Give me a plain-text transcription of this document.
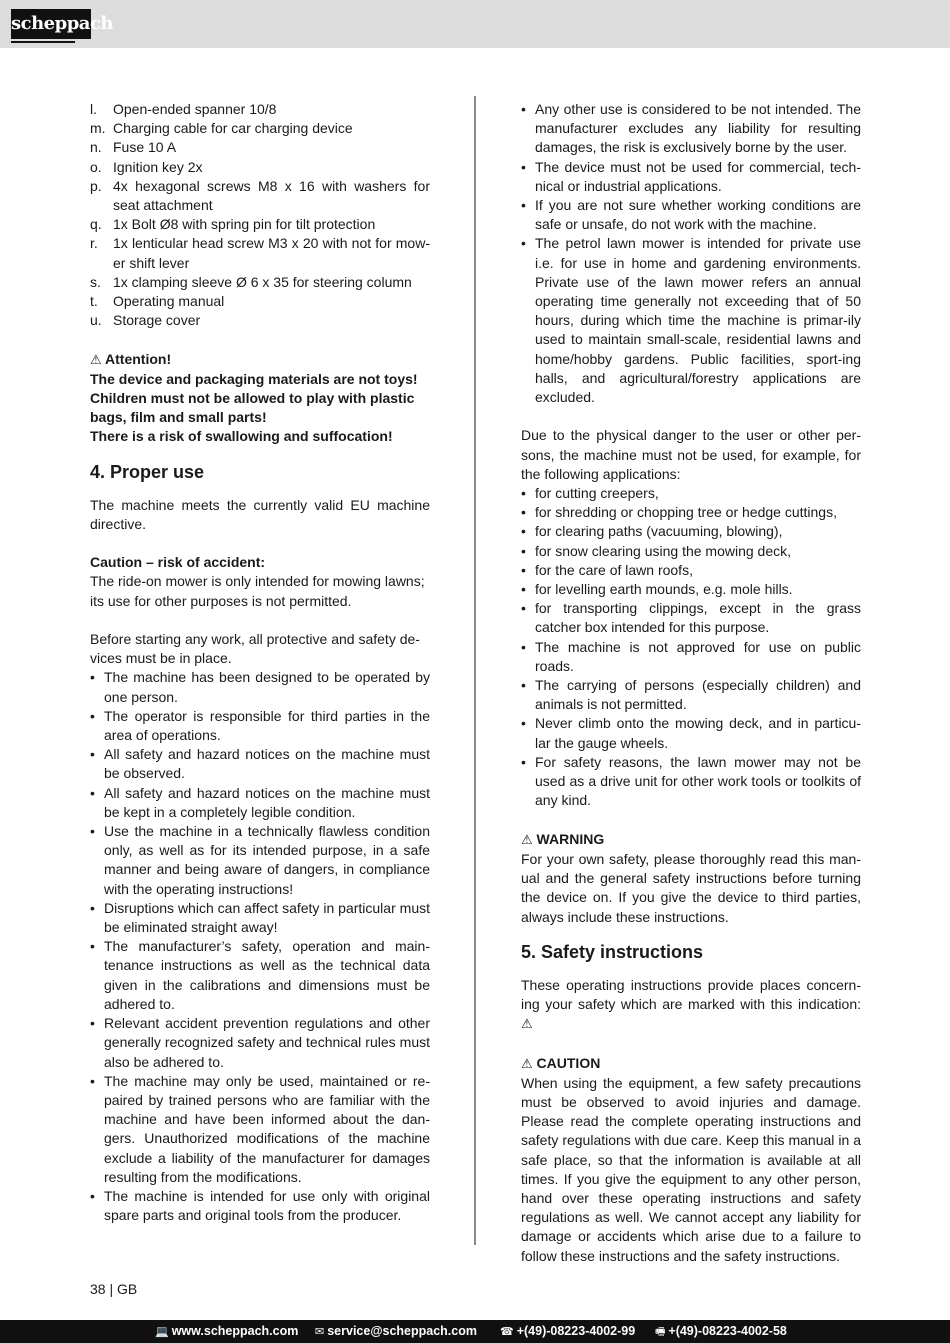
scheppach
l.	Open-ended spanner 10/8
m. Charging cable for car charging device
n. Fuse 10 A
o. Ignition key 2x
p. 4x hexagonal screws M8 x 16 with washers for seat attachment
q. 1x Bolt Ø8 with spring pin for tilt protection
r.	1x lenticular head screw M3 x 20 with not for mow-er shift lever
s. 1x clamping sleeve Ø 6 x 35 for steering column
t.	Operating manual
u. Storage cover

⚠ Attention!

The device and packaging materials are not toys! Children must not be allowed to play with plastic bags, film and small parts!

There is a risk of swallowing and suffocation!

4. Proper use

The machine meets the currently valid EU machine directive.

Caution – risk of accident:

The ride-on mower is only intended for mowing lawns; its use for other purposes is not permitted.

Before starting any work, all protective and safety de-vices must be in place.

• The machine has been designed to be operated by one person.
• The operator is responsible for third parties in the area of operations.
• All safety and hazard notices on the machine must be observed.
• All safety and hazard notices on the machine must be kept in a completely legible condition.
• Use the machine in a technically flawless condition only, as well as for its intended purpose, in a safe manner and being aware of dangers, in compliance with the operating instructions!
• Disruptions which can affect safety in particular must be eliminated straight away!
• The manufacturer’s safety, operation and main-tenance instructions as well as the technical data given in the calibrations and dimensions must be adhered to.
• Relevant accident prevention regulations and other generally recognized safety and technical rules must also be adhered to.
• The machine may only be used, maintained or re-paired by trained persons who are familiar with the machine and have been informed about the dan-gers. Unauthorized modifications of the machine exclude a liability of the manufacturer for damages resulting from the modifications.
• The machine is intended for use only with original spare parts and original tools from the producer.
• Any other use is considered to be not intended. The manufacturer excludes any liability for resulting damages, the risk is exclusively borne by the user.
• The device must not be used for commercial, tech-nical or industrial applications.
• If you are not sure whether working conditions are safe or unsafe, do not work with the machine.
• The petrol lawn mower is intended for private use i.e. for use in home and gardening environments. Private use of the lawn mower refers an annual operating time generally not exceeding that of 50 hours, during which time the machine is primar-ily used to maintain small-scale, residential lawns and home/hobby gardens. Public facilities, sport-ing halls, and agricultural/forestry applications are excluded.

Due to the physical danger to the user or other per-sons, the machine must not be used, for example, for the following applications:

• for cutting creepers,
• for shredding or chopping tree or hedge cuttings,
• for clearing paths (vacuuming, blowing),
• for snow clearing using the mowing deck,
• for the care of lawn roofs,
• for levelling earth mounds, e.g. mole hills.
• for transporting clippings, except in the grass catcher box intended for this purpose.
• The machine is not approved for use on public roads.
• The carrying of persons (especially children) and animals is not permitted.
• Never climb onto the mowing deck, and in particu-lar the gauge wheels.
• For safety reasons, the lawn mower may not be used as a drive unit for other work tools or toolkits of any kind.

⚠ WARNING

For your own safety, please thoroughly read this man-ual and the general safety instructions before turning the device on. If you give the device to third parties, always include these instructions.

5. Safety instructions

These operating instructions provide places concern-ing your safety which are marked with this indication: ⚠

⚠ CAUTION

When using the equipment, a few safety precautions must be observed to avoid injuries and damage. Please read the complete operating instructions and safety regulations with due care. Keep this manual in a safe place, so that the information is available at all times. If you give the equipment to any other person, hand over these operating instructions and safety regulations as well. We cannot accept any liability for damage or accidents which arise due to a failure to follow these instructions and the safety instructions.

38 | GB
💻 www.scheppach.com ✉ service@scheppach.com ☎ +(49)-08223-4002-99 🖷 +(49)-08223-4002-58
